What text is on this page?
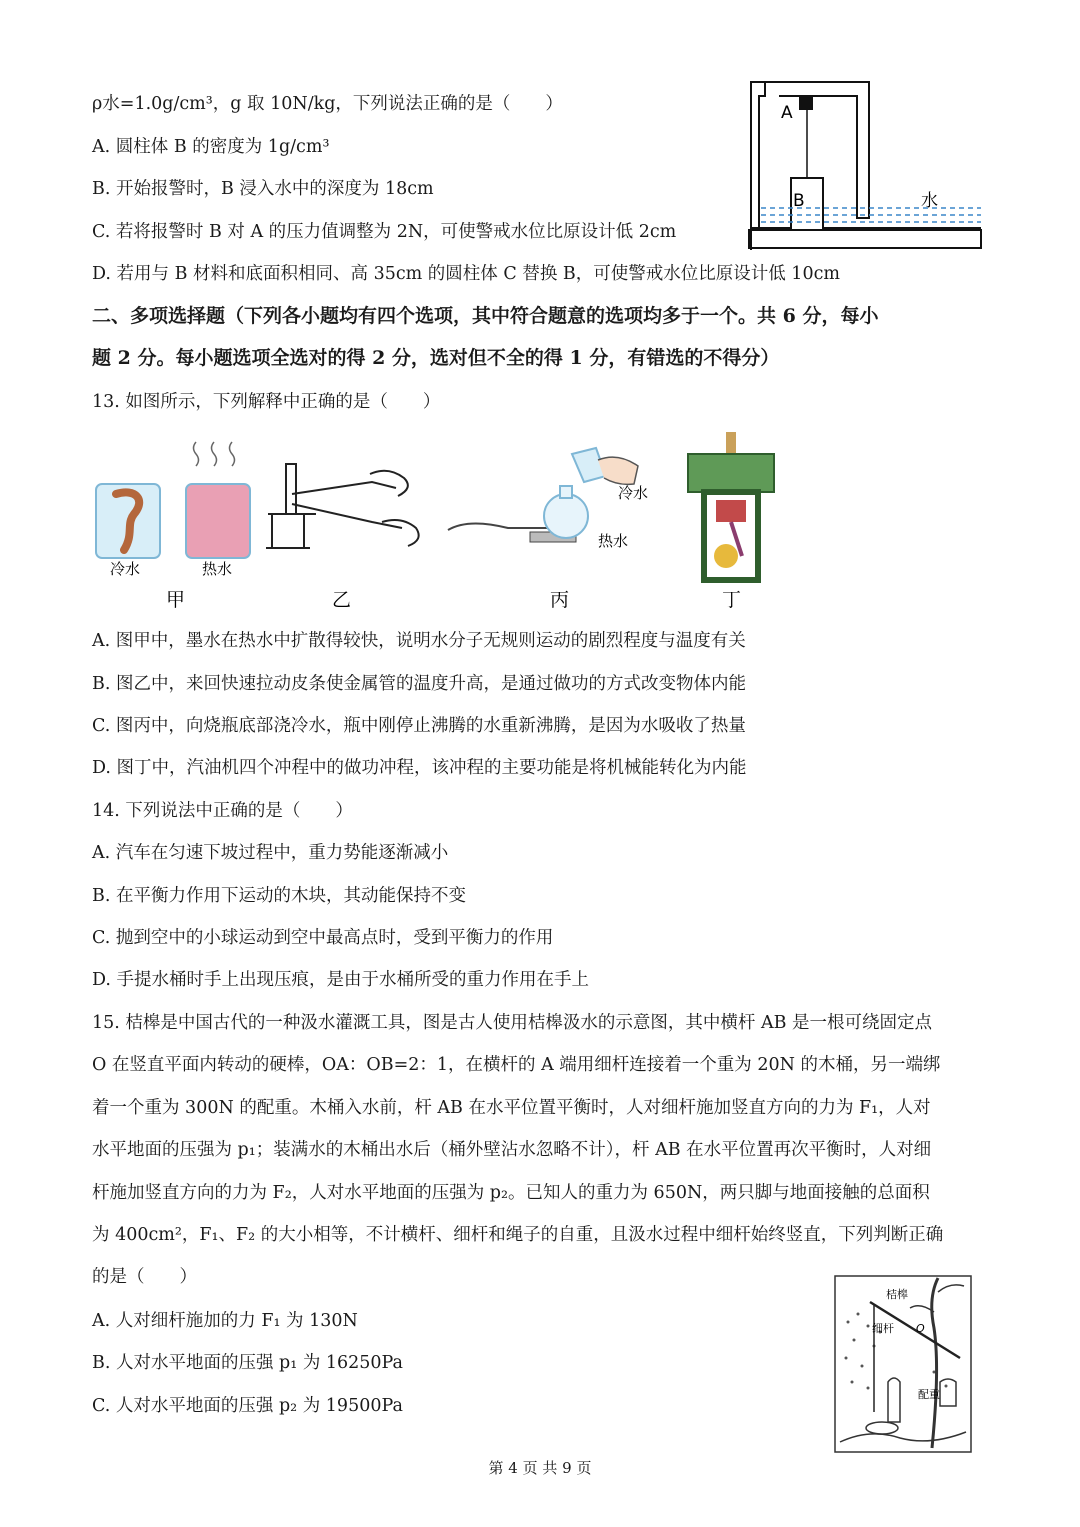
ρ水=1.0g/cm³，g 取 10N/kg，下列说法正确的是（　　）
A. 圆柱体 B 的密度为 1g/cm³
B. 开始报警时，B 浸入水中的深度为 18cm
C. 若将报警时 B 对 A 的压力值调整为 2N，可使警戒水位比原设计低 2cm
D. 若用与 B 材料和底面积相同、高 35cm 的圆柱体 C 替换 B，可使警戒水位比原设计低 10cm
A
B	水
二、多项选择题（下列各小题均有四个选项，其中符合题意的选项均多于一个。共 6 分，每小
题 2 分。每小题选项全选对的得 2 分，选对但不全的得 1 分，有错选的不得分）
13. 如图所示，下列解释中正确的是（　　）
冷水	热水
冷水
热水
甲	乙	丙	丁
A. 图甲中，墨水在热水中扩散得较快，说明水分子无规则运动的剧烈程度与温度有关
B. 图乙中，来回快速拉动皮条使金属管的温度升高，是通过做功的方式改变物体内能
C. 图丙中，向烧瓶底部浇冷水，瓶中刚停止沸腾的水重新沸腾，是因为水吸收了热量
D. 图丁中，汽油机四个冲程中的做功冲程，该冲程的主要功能是将机械能转化为内能
14. 下列说法中正确的是（　　）
A. 汽车在匀速下坡过程中，重力势能逐渐减小
B. 在平衡力作用下运动的木块，其动能保持不变
C. 抛到空中的小球运动到空中最高点时，受到平衡力的作用
D. 手提水桶时手上出现压痕，是由于水桶所受的重力作用在手上
15. 桔槔是中国古代的一种汲水灌溉工具，图是古人使用桔槔汲水的示意图，其中横杆 AB 是一根可绕固定点
O 在竖直平面内转动的硬棒，OA：OB=2：1，在横杆的 A 端用细杆连接着一个重为 20N 的木桶，另一端绑
着一个重为 300N 的配重。木桶入水前，杆 AB 在水平位置平衡时，人对细杆施加竖直方向的力为 F₁，人对
水平地面的压强为 p₁；装满水的木桶出水后（桶外壁沾水忽略不计），杆 AB 在水平位置再次平衡时，人对细
杆施加竖直方向的力为 F₂，人对水平地面的压强为 p₂。已知人的重力为 650N，两只脚与地面接触的总面积
为 400cm²，F₁、F₂ 的大小相等，不计横杆、细杆和绳子的自重，且汲水过程中细杆始终竖直，下列判断正确
的是（　　）
A. 人对细杆施加的力 F₁ 为 130N
B. 人对水平地面的压强 p₁ 为 16250Pa
C. 人对水平地面的压强 p₂ 为 19500Pa
桔槔
细杆 O
配重
第 4 页 共 9 页
